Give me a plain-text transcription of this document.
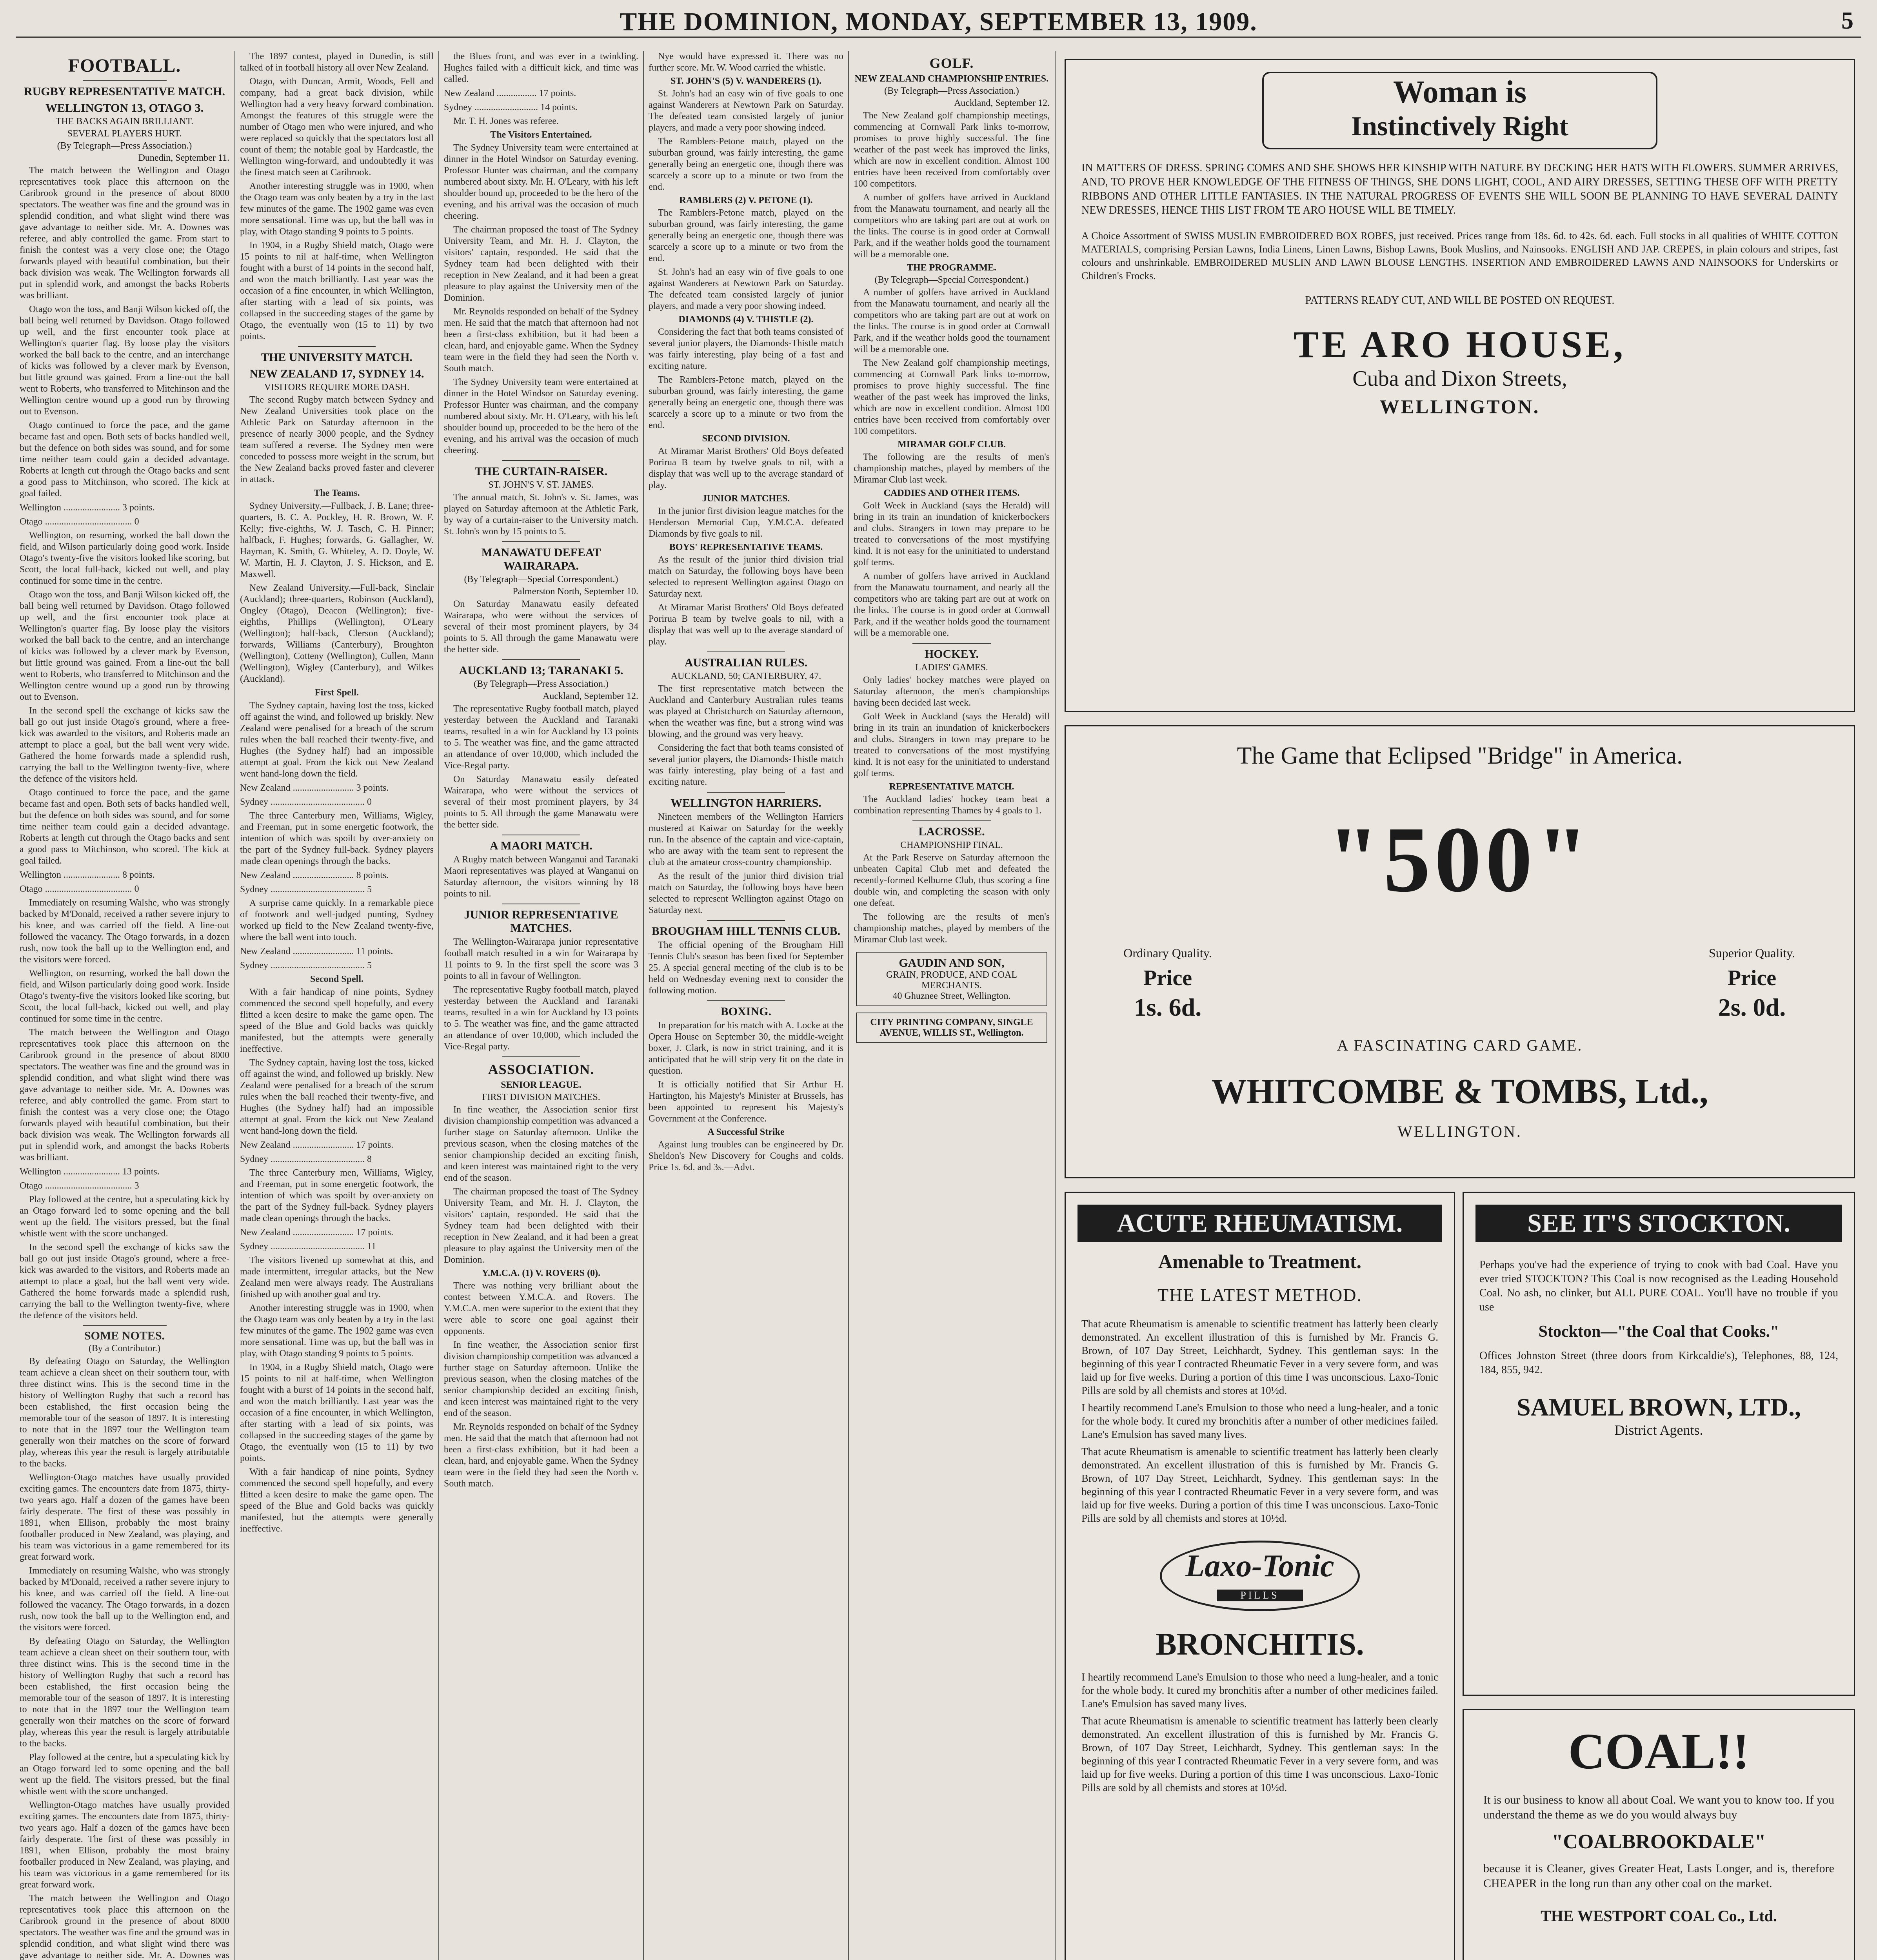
THE DOMINION, MONDAY, SEPTEMBER 13, 1909.	5
FOOTBALL.
RUGBY REPRESENTATIVE MATCH.
WELLINGTON 13, OTAGO 3.
THE BACKS AGAIN BRILLIANT.
SEVERAL PLAYERS HURT.
(By Telegraph—Press Association.)
Dunedin, September 11.

The match between the Wellington and Otago representatives took place this afternoon on the Caribrook ground in the presence of about 8000 spectators. The weather was fine and the ground was in splendid condition, and what slight wind there was gave advantage to neither side. Mr. A. Downes was referee, and ably controlled the game. From start to finish the contest was a very close one; the Otago forwards played with beautiful combination, but their back division was weak. The Wellington forwards all put in splendid work, and amongst the backs Roberts was brilliant.

Otago won the toss, and Banji Wilson kicked off, the ball being well returned by Davidson. Otago followed up well, and the first encounter took place at Wellington's quarter flag. By loose play the visitors worked the ball back to the centre, and an interchange of kicks was followed by a clever mark by Evenson, but little ground was gained. From a line-out the ball went to Roberts, who transferred to Mitchinson and the Wellington centre wound up a good run by throwing out to Evenson.

Otago continued to force the pace, and the game became fast and open. Both sets of backs handled well, but the defence on both sides was sound, and for some time neither team could gain a decided advantage. Roberts at length cut through the Otago backs and sent a good pass to Mitchinson, who scored. The kick at goal failed.

Wellington ........................ 3 points.
Otago ..................................... 0

Wellington, on resuming, worked the ball down the field, and Wilson particularly doing good work. Inside Otago's twenty-five the visitors looked like scoring, but Scott, the local full-back, kicked out well, and play continued for some time in the centre.

Otago won the toss, and Banji Wilson kicked off, the ball being well returned by Davidson. Otago followed up well, and the first encounter took place at Wellington's quarter flag. By loose play the visitors worked the ball back to the centre, and an interchange of kicks was followed by a clever mark by Evenson, but little ground was gained. From a line-out the ball went to Roberts, who transferred to Mitchinson and the Wellington centre wound up a good run by throwing out to Evenson.

In the second spell the exchange of kicks saw the ball go out just inside Otago's ground, where a free-kick was awarded to the visitors, and Roberts made an attempt to place a goal, but the ball went very wide. Gathered the home forwards made a splendid rush, carrying the ball to the Wellington twenty-five, where the defence of the visitors held.

Otago continued to force the pace, and the game became fast and open. Both sets of backs handled well, but the defence on both sides was sound, and for some time neither team could gain a decided advantage. Roberts at length cut through the Otago backs and sent a good pass to Mitchinson, who scored. The kick at goal failed.

Wellington ........................ 8 points.
Otago ..................................... 0

Immediately on resuming Walshe, who was strongly backed by M'Donald, received a rather severe injury to his knee, and was carried off the field. A line-out followed the vacancy. The Otago forwards, in a dozen rush, now took the ball up to the Wellington end, and the visitors were forced.

Wellington, on resuming, worked the ball down the field, and Wilson particularly doing good work. Inside Otago's twenty-five the visitors looked like scoring, but Scott, the local full-back, kicked out well, and play continued for some time in the centre.

The match between the Wellington and Otago representatives took place this afternoon on the Caribrook ground in the presence of about 8000 spectators. The weather was fine and the ground was in splendid condition, and what slight wind there was gave advantage to neither side. Mr. A. Downes was referee, and ably controlled the game. From start to finish the contest was a very close one; the Otago forwards played with beautiful combination, but their back division was weak. The Wellington forwards all put in splendid work, and amongst the backs Roberts was brilliant.

Wellington ........................ 13 points.
Otago ..................................... 3

Play followed at the centre, but a speculating kick by an Otago forward led to some opening and the ball went up the field. The visitors pressed, but the final whistle went with the score unchanged.

In the second spell the exchange of kicks saw the ball go out just inside Otago's ground, where a free-kick was awarded to the visitors, and Roberts made an attempt to place a goal, but the ball went very wide. Gathered the home forwards made a splendid rush, carrying the ball to the Wellington twenty-five, where the defence of the visitors held.

SOME NOTES.
(By a Contributor.)

By defeating Otago on Saturday, the Wellington team achieve a clean sheet on their southern tour, with three distinct wins. This is the second time in the history of Wellington Rugby that such a record has been established, the first occasion being the memorable tour of the season of 1897. It is interesting to note that in the 1897 tour the Wellington team generally won their matches on the score of forward play, whereas this year the result is largely attributable to the backs.

Wellington-Otago matches have usually provided exciting games. The encounters date from 1875, thirty-two years ago. Half a dozen of the games have been fairly desperate. The first of these was possibly in 1891, when Ellison, probably the most brainy footballer produced in New Zealand, was playing, and his team was victorious in a game remembered for its great forward work.

Immediately on resuming Walshe, who was strongly backed by M'Donald, received a rather severe injury to his knee, and was carried off the field. A line-out followed the vacancy. The Otago forwards, in a dozen rush, now took the ball up to the Wellington end, and the visitors were forced.

By defeating Otago on Saturday, the Wellington team achieve a clean sheet on their southern tour, with three distinct wins. This is the second time in the history of Wellington Rugby that such a record has been established, the first occasion being the memorable tour of the season of 1897. It is interesting to note that in the 1897 tour the Wellington team generally won their matches on the score of forward play, whereas this year the result is largely attributable to the backs.

Play followed at the centre, but a speculating kick by an Otago forward led to some opening and the ball went up the field. The visitors pressed, but the final whistle went with the score unchanged.

Wellington-Otago matches have usually provided exciting games. The encounters date from 1875, thirty-two years ago. Half a dozen of the games have been fairly desperate. The first of these was possibly in 1891, when Ellison, probably the most brainy footballer produced in New Zealand, was playing, and his team was victorious in a game remembered for its great forward work.

The match between the Wellington and Otago representatives took place this afternoon on the Caribrook ground in the presence of about 8000 spectators. The weather was fine and the ground was in splendid condition, and what slight wind there was gave advantage to neither side. Mr. A. Downes was

The 1897 contest, played in Dunedin, is still talked of in football history all over New Zealand.

Otago, with Duncan, Armit, Woods, Fell and company, had a great back division, while Wellington had a very heavy forward combination. Amongst the features of this struggle were the number of Otago men who were injured, and who were replaced so quickly that the spectators lost all count of them; the notable goal by Hardcastle, the Wellington wing-forward, and undoubtedly it was the finest match seen at Caribrook.

Another interesting struggle was in 1900, when the Otago team was only beaten by a try in the last few minutes of the game. The 1902 game was even more sensational. Time was up, but the ball was in play, with Otago standing 9 points to 5 points.

In 1904, in a Rugby Shield match, Otago were 15 points to nil at half-time, when Wellington fought with a burst of 14 points in the second half, and won the match brilliantly. Last year was the occasion of a fine encounter, in which Wellington, after starting with a lead of six points, was collapsed in the succeeding stages of the game by Otago, the eventually won (15 to 11) by two points.

THE UNIVERSITY MATCH.
NEW ZEALAND 17, SYDNEY 14.
VISITORS REQUIRE MORE DASH.

The second Rugby match between Sydney and New Zealand Universities took place on the Athletic Park on Saturday afternoon in the presence of nearly 3000 people, and the Sydney team suffered a reverse. The Sydney men were conceded to possess more weight in the scrum, but the New Zealand backs proved faster and cleverer in attack.

The Teams.

Sydney University.—Fullback, J. B. Lane; three-quarters, B. C. A. Pockley, H. R. Brown, W. F. Kelly; five-eighths, W. J. Tasch, C. H. Pinner; halfback, F. Hughes; forwards, G. Gallagher, W. Hayman, K. Smith, G. Whiteley, A. D. Doyle, W. W. Martin, H. J. Clayton, J. S. Hickson, and E. Maxwell.

New Zealand University.—Full-back, Sinclair (Auckland); three-quarters, Robinson (Auckland), Ongley (Otago), Deacon (Wellington); five-eighths, Phillips (Wellington), O'Leary (Wellington); half-back, Clerson (Auckland); forwards, Williams (Canterbury), Broughton (Wellington), Cotteny (Wellington), Cullen, Mann (Wellington), Wigley (Canterbury), and Wilkes (Auckland).

First Spell.

The Sydney captain, having lost the toss, kicked off against the wind, and followed up briskly. New Zealand were penalised for a breach of the scrum rules when the ball reached their twenty-five, and Hughes (the Sydney half) had an impossible attempt at goal. From the kick out New Zealand went hand-long down the field.

New Zealand .......................... 3 points.
Sydney ........................................ 0

The three Canterbury men, Williams, Wigley, and Freeman, put in some energetic footwork, the intention of which was spoilt by over-anxiety on the part of the Sydney full-back. Sydney players made clean openings through the backs.

New Zealand .......................... 8 points.
Sydney ........................................ 5

A surprise came quickly. In a remarkable piece of footwork and well-judged punting, Sydney worked up field to the New Zealand twenty-five, where the ball went into touch.

New Zealand .......................... 11 points.
Sydney ........................................ 5
Second Spell.

With a fair handicap of nine points, Sydney commenced the second spell hopefully, and every flitted a keen desire to make the game open. The speed of the Blue and Gold backs was quickly manifested, but the attempts were generally ineffective.

The Sydney captain, having lost the toss, kicked off against the wind, and followed up briskly. New Zealand were penalised for a breach of the scrum rules when the ball reached their twenty-five, and Hughes (the Sydney half) had an impossible attempt at goal. From the kick out New Zealand went hand-long down the field.

New Zealand .......................... 17 points.
Sydney ........................................ 8

The three Canterbury men, Williams, Wigley, and Freeman, put in some energetic footwork, the intention of which was spoilt by over-anxiety on the part of the Sydney full-back. Sydney players made clean openings through the backs.

New Zealand .......................... 17 points.
Sydney ........................................ 11

The visitors livened up somewhat at this, and made intermittent, irregular attacks, but the New Zealand men were always ready. The Australians finished up with another goal and try.

Another interesting struggle was in 1900, when the Otago team was only beaten by a try in the last few minutes of the game. The 1902 game was even more sensational. Time was up, but the ball was in play, with Otago standing 9 points to 5 points.

In 1904, in a Rugby Shield match, Otago were 15 points to nil at half-time, when Wellington fought with a burst of 14 points in the second half, and won the match brilliantly. Last year was the occasion of a fine encounter, in which Wellington, after starting with a lead of six points, was collapsed in the succeeding stages of the game by Otago, the eventually won (15 to 11) by two points.

With a fair handicap of nine points, Sydney commenced the second spell hopefully, and every flitted a keen desire to make the game open. The speed of the Blue and Gold backs was quickly manifested, but the attempts were generally ineffective.

the Blues front, and was ever in a twinkling. Hughes failed with a difficult kick, and time was called.

New Zealand ................. 17 points.
Sydney ........................... 14 points.

Mr. T. H. Jones was referee.

The Visitors Entertained.

The Sydney University team were entertained at dinner in the Hotel Windsor on Saturday evening. Professor Hunter was chairman, and the company numbered about sixty. Mr. H. O'Leary, with his left shoulder bound up, proceeded to be the hero of the evening, and his arrival was the occasion of much cheering.

The chairman proposed the toast of The Sydney University Team, and Mr. H. J. Clayton, the visitors' captain, responded. He said that the Sydney team had been delighted with their reception in New Zealand, and it had been a great pleasure to play against the University men of the Dominion.

Mr. Reynolds responded on behalf of the Sydney men. He said that the match that afternoon had not been a first-class exhibition, but it had been a clean, hard, and enjoyable game. When the Sydney team were in the field they had seen the North v. South match.

The Sydney University team were entertained at dinner in the Hotel Windsor on Saturday evening. Professor Hunter was chairman, and the company numbered about sixty. Mr. H. O'Leary, with his left shoulder bound up, proceeded to be the hero of the evening, and his arrival was the occasion of much cheering.

THE CURTAIN-RAISER.
ST. JOHN'S V. ST. JAMES.

The annual match, St. John's v. St. James, was played on Saturday afternoon at the Athletic Park, by way of a curtain-raiser to the University match. St. John's won by 15 points to 5.

MANAWATU DEFEAT WAIRARAPA.
(By Telegraph—Special Correspondent.)
Palmerston North, September 10.

On Saturday Manawatu easily defeated Wairarapa, who were without the services of several of their most prominent players, by 34 points to 5. All through the game Manawatu were the better side.

AUCKLAND 13; TARANAKI 5.
(By Telegraph—Press Association.)
Auckland, September 12.

The representative Rugby football match, played yesterday between the Auckland and Taranaki teams, resulted in a win for Auckland by 13 points to 5. The weather was fine, and the game attracted an attendance of over 10,000, which included the Vice-Regal party.

On Saturday Manawatu easily defeated Wairarapa, who were without the services of several of their most prominent players, by 34 points to 5. All through the game Manawatu were the better side.

A MAORI MATCH.

A Rugby match between Wanganui and Taranaki Maori representatives was played at Wanganui on Saturday afternoon, the visitors winning by 18 points to nil.

JUNIOR REPRESENTATIVE MATCHES.

The Wellington-Wairarapa junior representative football match resulted in a win for Wairarapa by 11 points to 9. In the first spell the score was 3 points to all in favour of Wellington.

The representative Rugby football match, played yesterday between the Auckland and Taranaki teams, resulted in a win for Auckland by 13 points to 5. The weather was fine, and the game attracted an attendance of over 10,000, which included the Vice-Regal party.

ASSOCIATION.
SENIOR LEAGUE.
FIRST DIVISION MATCHES.

In fine weather, the Association senior first division championship competition was advanced a further stage on Saturday afternoon. Unlike the previous season, when the closing matches of the senior championship decided an exciting finish, and keen interest was maintained right to the very end of the season.

The chairman proposed the toast of The Sydney University Team, and Mr. H. J. Clayton, the visitors' captain, responded. He said that the Sydney team had been delighted with their reception in New Zealand, and it had been a great pleasure to play against the University men of the Dominion.

Y.M.C.A. (1) V. ROVERS (0).

There was nothing very brilliant about the contest between Y.M.C.A. and Rovers. The Y.M.C.A. men were superior to the extent that they were able to score one goal against their opponents.

In fine weather, the Association senior first division championship competition was advanced a further stage on Saturday afternoon. Unlike the previous season, when the closing matches of the senior championship decided an exciting finish, and keen interest was maintained right to the very end of the season.

Mr. Reynolds responded on behalf of the Sydney men. He said that the match that afternoon had not been a first-class exhibition, but it had been a clean, hard, and enjoyable game. When the Sydney team were in the field they had seen the North v. South match.

Nye would have expressed it. There was no further score. Mr. W. Wood carried the whistle.

ST. JOHN'S (5) V. WANDERERS (1).

St. John's had an easy win of five goals to one against Wanderers at Newtown Park on Saturday. The defeated team consisted largely of junior players, and made a very poor showing indeed.

The Ramblers-Petone match, played on the suburban ground, was fairly interesting, the game generally being an energetic one, though there was scarcely a score up to a minute or two from the end.

RAMBLERS (2) V. PETONE (1).

The Ramblers-Petone match, played on the suburban ground, was fairly interesting, the game generally being an energetic one, though there was scarcely a score up to a minute or two from the end.

St. John's had an easy win of five goals to one against Wanderers at Newtown Park on Saturday. The defeated team consisted largely of junior players, and made a very poor showing indeed.

DIAMONDS (4) V. THISTLE (2).

Considering the fact that both teams consisted of several junior players, the Diamonds-Thistle match was fairly interesting, play being of a fast and exciting nature.

The Ramblers-Petone match, played on the suburban ground, was fairly interesting, the game generally being an energetic one, though there was scarcely a score up to a minute or two from the end.

SECOND DIVISION.

At Miramar Marist Brothers' Old Boys defeated Porirua B team by twelve goals to nil, with a display that was well up to the average standard of play.

JUNIOR MATCHES.

In the junior first division league matches for the Henderson Memorial Cup, Y.M.C.A. defeated Diamonds by five goals to nil.

BOYS' REPRESENTATIVE TEAMS.

As the result of the junior third division trial match on Saturday, the following boys have been selected to represent Wellington against Otago on Saturday next.

At Miramar Marist Brothers' Old Boys defeated Porirua B team by twelve goals to nil, with a display that was well up to the average standard of play.

AUSTRALIAN RULES.
AUCKLAND, 50; CANTERBURY, 47.

The first representative match between the Auckland and Canterbury Australian rules teams was played at Christchurch on Saturday afternoon, when the weather was fine, but a strong wind was blowing, and the ground was very heavy.

Considering the fact that both teams consisted of several junior players, the Diamonds-Thistle match was fairly interesting, play being of a fast and exciting nature.

WELLINGTON HARRIERS.

Nineteen members of the Wellington Harriers mustered at Kaiwar on Saturday for the weekly run. In the absence of the captain and vice-captain, who are away with the team sent to represent the club at the amateur cross-country championship.

As the result of the junior third division trial match on Saturday, the following boys have been selected to represent Wellington against Otago on Saturday next.

BROUGHAM HILL TENNIS CLUB.

The official opening of the Brougham Hill Tennis Club's season has been fixed for September 25. A special general meeting of the club is to be held on Wednesday evening next to consider the following motion.

BOXING.

In preparation for his match with A. Locke at the Opera House on September 30, the middle-weight boxer, J. Clark, is now in strict training, and it is anticipated that he will strip very fit on the date in question.

It is officially notified that Sir Arthur H. Hartington, his Majesty's Minister at Brussels, has been appointed to represent his Majesty's Government at the Conference.

A Successful Strike

Against lung troubles can be engineered by Dr. Sheldon's New Discovery for Coughs and colds. Price 1s. 6d. and 3s.—Advt.

GOLF.
NEW ZEALAND CHAMPIONSHIP ENTRIES.
(By Telegraph—Press Association.)
Auckland, September 12.

The New Zealand golf championship meetings, commencing at Cornwall Park links to-morrow, promises to prove highly successful. The fine weather of the past week has improved the links, which are now in excellent condition. Almost 100 entries have been received from comfortably over 100 competitors.

A number of golfers have arrived in Auckland from the Manawatu tournament, and nearly all the competitors who are taking part are out at work on the links. The course is in good order at Cornwall Park, and if the weather holds good the tournament will be a memorable one.

THE PROGRAMME.
(By Telegraph—Special Correspondent.)

A number of golfers have arrived in Auckland from the Manawatu tournament, and nearly all the competitors who are taking part are out at work on the links. The course is in good order at Cornwall Park, and if the weather holds good the tournament will be a memorable one.

The New Zealand golf championship meetings, commencing at Cornwall Park links to-morrow, promises to prove highly successful. The fine weather of the past week has improved the links, which are now in excellent condition. Almost 100 entries have been received from comfortably over 100 competitors.

MIRAMAR GOLF CLUB.

The following are the results of men's championship matches, played by members of the Miramar Club last week.

CADDIES AND OTHER ITEMS.

Golf Week in Auckland (says the Herald) will bring in its train an inundation of knickerbockers and clubs. Strangers in town may prepare to be treated to conversations of the most mystifying kind. It is not easy for the uninitiated to understand golf terms.

A number of golfers have arrived in Auckland from the Manawatu tournament, and nearly all the competitors who are taking part are out at work on the links. The course is in good order at Cornwall Park, and if the weather holds good the tournament will be a memorable one.

HOCKEY.
LADIES' GAMES.

Only ladies' hockey matches were played on Saturday afternoon, the men's championships having been decided last week.

Golf Week in Auckland (says the Herald) will bring in its train an inundation of knickerbockers and clubs. Strangers in town may prepare to be treated to conversations of the most mystifying kind. It is not easy for the uninitiated to understand golf terms.

REPRESENTATIVE MATCH.

The Auckland ladies' hockey team beat a combination representing Thames by 4 goals to 1.

LACROSSE.
CHAMPIONSHIP FINAL.

At the Park Reserve on Saturday afternoon the unbeaten Capital Club met and defeated the recently-formed Kelburne Club, thus scoring a fine double win, and completing the season with only one defeat.

The following are the results of men's championship matches, played by members of the Miramar Club last week.

GAUDIN AND SON,
GRAIN, PRODUCE, AND COAL MERCHANTS.
40 Ghuznee Street, Wellington.
CITY PRINTING COMPANY, SINGLE AVENUE, WILLIS ST., Wellington.
Woman is
Instinctively Right
IN MATTERS OF DRESS. SPRING COMES AND SHE SHOWS HER KINSHIP WITH NATURE BY DECKING HER HATS WITH FLOWERS. SUMMER ARRIVES, AND, TO PROVE HER KNOWLEDGE OF THE FITNESS OF THINGS, SHE DONS LIGHT, COOL, AND AIRY DRESSES, SETTING THESE OFF WITH PRETTY RIBBONS AND OTHER LITTLE FANTASIES. IN THE NATURAL PROGRESS OF EVENTS SHE WILL SOON BE PLANNING TO HAVE SEVERAL DAINTY NEW DRESSES, HENCE THIS LIST FROM TE ARO HOUSE WILL BE TIMELY.
A Choice Assortment of SWISS MUSLIN EMBROIDERED BOX ROBES, just received. Prices range from 18s. 6d. to 42s. 6d. each. Full stocks in all qualities of WHITE COTTON MATERIALS, comprising Persian Lawns, India Linens, Linen Lawns, Bishop Lawns, Book Muslins, and Nainsooks. ENGLISH AND JAP. CREPES, in plain colours and stripes, fast colours and unshrinkable. EMBROIDERED MUSLIN AND LAWN BLOUSE LENGTHS. INSERTION AND EMBROIDERED LAWNS AND NAINSOOKS for Underskirts or Children's Frocks.
PATTERNS READY CUT, AND WILL BE POSTED ON REQUEST.
TE ARO HOUSE,
Cuba and Dixon Streets,
WELLINGTON.
The Game that Eclipsed "Bridge" in America.
"500"
Ordinary Quality.
Price
1s. 6d.
Superior Quality.
Price
2s. 0d.
A FASCINATING CARD GAME.
WHITCOMBE & TOMBS, Ltd.,
WELLINGTON.
ACUTE RHEUMATISM.
Amenable to Treatment.
THE LATEST METHOD.
That acute Rheumatism is amenable to scientific treatment has latterly been clearly demonstrated. An excellent illustration of this is furnished by Mr. Francis G. Brown, of 107 Day Street, Leichhardt, Sydney. This gentleman says: In the beginning of this year I contracted Rheumatic Fever in a very severe form, and was laid up for five weeks. During a portion of this time I was unconscious. Laxo-Tonic Pills are sold by all chemists and stores at 10½d.
I heartily recommend Lane's Emulsion to those who need a lung-healer, and a tonic for the whole body. It cured my bronchitis after a number of other medicines failed. Lane's Emulsion has saved many lives.
That acute Rheumatism is amenable to scientific treatment has latterly been clearly demonstrated. An excellent illustration of this is furnished by Mr. Francis G. Brown, of 107 Day Street, Leichhardt, Sydney. This gentleman says: In the beginning of this year I contracted Rheumatic Fever in a very severe form, and was laid up for five weeks. During a portion of this time I was unconscious. Laxo-Tonic Pills are sold by all chemists and stores at 10½d.
Laxo-Tonic
PILLS
BRONCHITIS.
I heartily recommend Lane's Emulsion to those who need a lung-healer, and a tonic for the whole body. It cured my bronchitis after a number of other medicines failed. Lane's Emulsion has saved many lives.
That acute Rheumatism is amenable to scientific treatment has latterly been clearly demonstrated. An excellent illustration of this is furnished by Mr. Francis G. Brown, of 107 Day Street, Leichhardt, Sydney. This gentleman says: In the beginning of this year I contracted Rheumatic Fever in a very severe form, and was laid up for five weeks. During a portion of this time I was unconscious. Laxo-Tonic Pills are sold by all chemists and stores at 10½d.
SEE IT'S STOCKTON.
Perhaps you've had the experience of trying to cook with bad Coal. Have you ever tried STOCKTON? This Coal is now recognised as the Leading Household Coal. No ash, no clinker, but ALL PURE COAL. You'll have no trouble if you use
Stockton—"the Coal that Cooks."
Offices Johnston Street (three doors from Kirkcaldie's), Telephones, 88, 124, 184, 855, 942.
SAMUEL BROWN, LTD.,
District Agents.
COAL!!
It is our business to know all about Coal. We want you to know too. If you understand the theme as we do you would always buy
"COALBROOKDALE"
because it is Cleaner, gives Greater Heat, Lasts Longer, and is, therefore CHEAPER in the long run than any other coal on the market.
THE WESTPORT COAL Co., Ltd.
